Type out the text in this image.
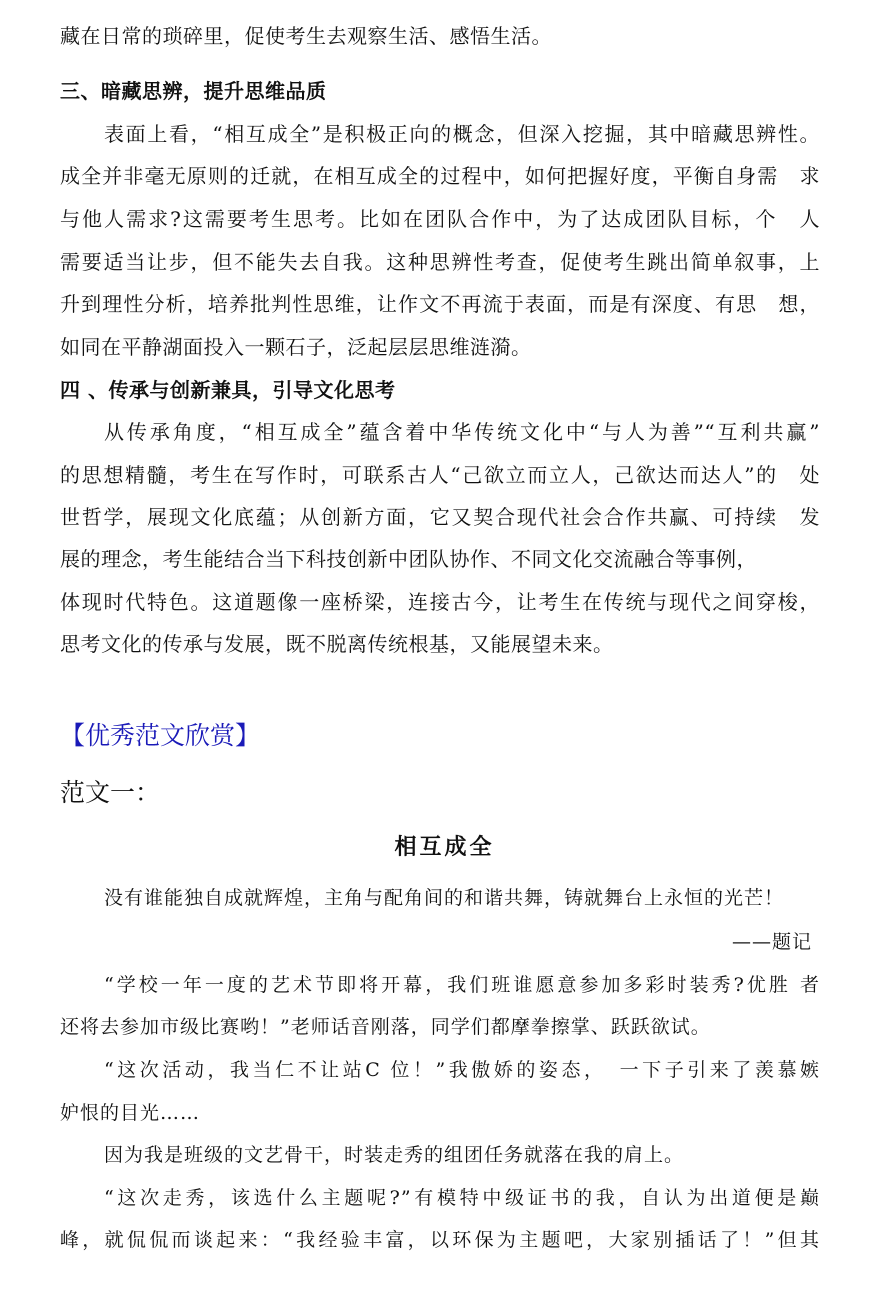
藏在日常的琐碎里，促使考生去观察生活、感悟生活。
三、暗藏思辨，提升思维品质
表面上看，“相互成全”是积极正向的概念，但深入挖掘，其中暗藏思辨性。
成全并非毫无原则的迁就，在相互成全的过程中，如何把握好度，平衡自身需　求
与他人需求?这需要考生思考。比如在团队合作中，为了达成团队目标，个　人
需要适当让步，但不能失去自我。这种思辨性考查，促使考生跳出简单叙事，上
升到理性分析，培养批判性思维，让作文不再流于表面，而是有深度、有思　想，
如同在平静湖面投入一颗石子，泛起层层思维涟漪。
四 、传承与创新兼具，引导文化思考
从传承角度，“相互成全”蕴含着中华传统文化中“与人为善”“互利共赢”
的思想精髓，考生在写作时，可联系古人“己欲立而立人，己欲达而达人”的　处
世哲学，展现文化底蕴；从创新方面，它又契合现代社会合作共赢、可持续　发
展的理念，考生能结合当下科技创新中团队协作、不同文化交流融合等事例，
体现时代特色。这道题像一座桥梁，连接古今，让考生在传统与现代之间穿梭，
思考文化的传承与发展，既不脱离传统根基，又能展望未来。
【优秀范文欣赏】
范文一：
相互成全
没有谁能独自成就辉煌，主角与配角间的和谐共舞，铸就舞台上永恒的光芒！
——题记
“学校一年一度的艺术节即将开幕，我们班谁愿意参加多彩时装秀?优胜 者
还将去参加市级比赛哟！”老师话音刚落，同学们都摩拳擦掌、跃跃欲试。
“这次活动，我当仁不让站C 位！”我傲娇的姿态，　一下子引来了羡慕嫉
妒恨的目光……
因为我是班级的文艺骨干，时装走秀的组团任务就落在我的肩上。
“这次走秀，该选什么主题呢?”有模特中级证书的我，自认为出道便是巅
峰，就侃侃而谈起来：“我经验丰富，以环保为主题吧，大家别插话了！”但其
